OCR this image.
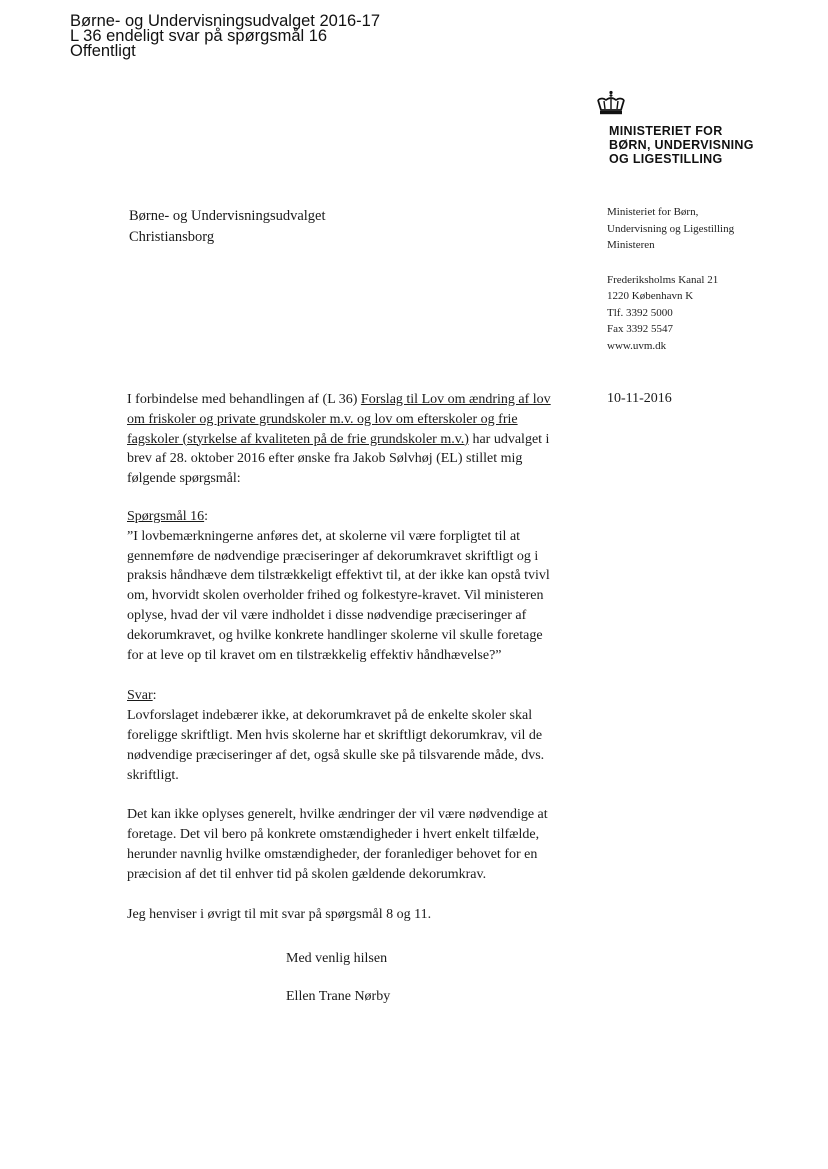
Børne- og Undervisningsudvalget 2016-17
L 36 endeligt svar på spørgsmål 16
Offentligt
MINISTERIET FOR
BØRN, UNDERVISNING
OG LIGESTILLING
Børne- og Undervisningsudvalget
Christiansborg
Ministeriet for Børn,
Undervisning og Ligestilling
Ministeren
Frederiksholms Kanal 21
1220 København K
Tlf. 3392 5000
Fax 3392 5547
www.uvm.dk
10-11-2016

I forbindelse med behandlingen af (L 36) Forslag til Lov om ændring af lov om friskoler og private grundskoler m.v. og lov om efterskoler og frie fagskoler (styrkelse af kvaliteten på de frie grundskoler m.v.) har udvalget i brev af 28. oktober 2016 efter ønske fra Jakob Sølvhøj (EL) stillet mig følgende spørgsmål:

Spørgsmål 16:

”I lovbemærkningerne anføres det, at skolerne vil være forpligtet til at gennemføre de nødvendige præciseringer af dekorumkravet skriftligt og i praksis håndhæve dem tilstrækkeligt effektivt til, at der ikke kan opstå tvivl om, hvorvidt skolen overholder frihed og folkestyre-kravet. Vil ministeren oplyse, hvad der vil være indholdet i disse nødvendige præciseringer af dekorumkravet, og hvilke konkrete handlinger skolerne vil skulle foretage for at leve op til kravet om en tilstrækkelig effektiv håndhævelse?”

Svar:

Lovforslaget indebærer ikke, at dekorumkravet på de enkelte skoler skal foreligge skriftligt. Men hvis skolerne har et skriftligt dekorumkrav, vil de nødvendige præciseringer af det, også skulle ske på tilsvarende måde, dvs. skriftligt.

Det kan ikke oplyses generelt, hvilke ændringer der vil være nødvendige at foretage. Det vil bero på konkrete omstændigheder i hvert enkelt tilfælde, herunder navnlig hvilke omstændigheder, der foranlediger behovet for en præcision af det til enhver tid på skolen gældende dekorumkrav.

Jeg henviser i øvrigt til mit svar på spørgsmål 8 og 11.

Med venlig hilsen
Ellen Trane Nørby
